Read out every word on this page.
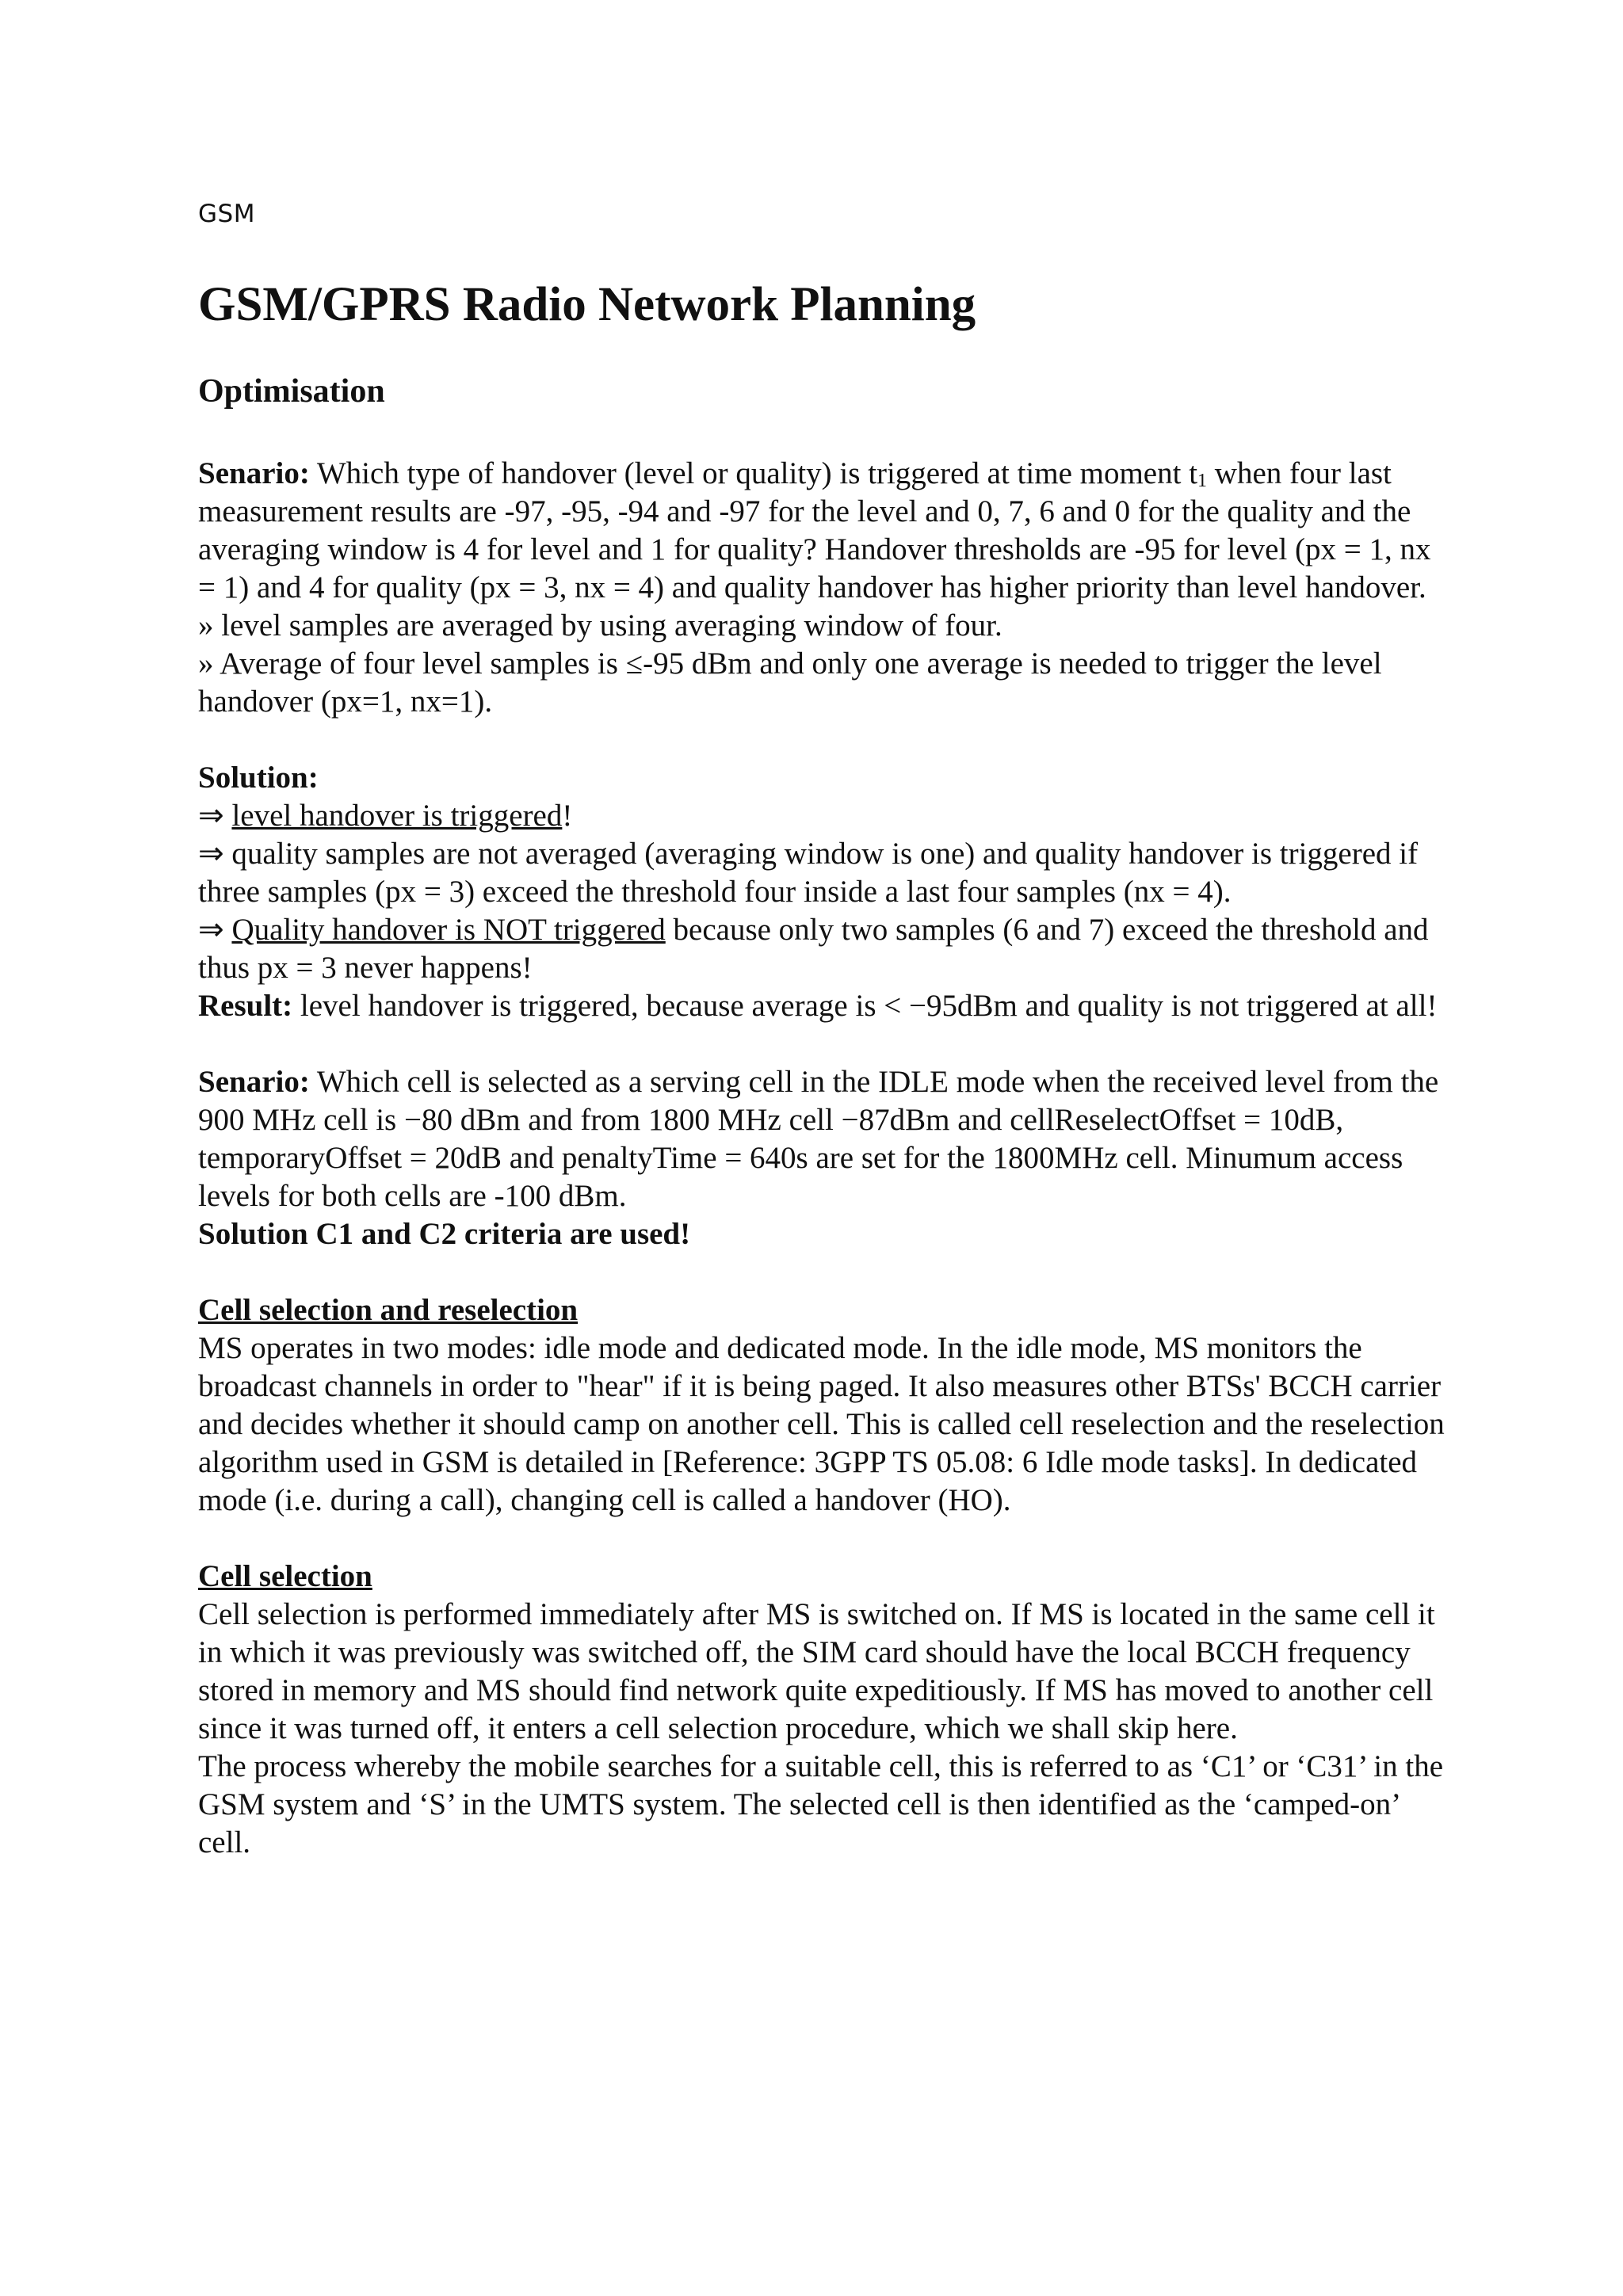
GSM
GSM/GPRS Radio Network Planning
Optimisation

Senario: Which type of handover (level or quality) is triggered at time moment $t_1$ when four last measurement results are -97, -95, -94 and -97 for the level and 0, 7, 6 and 0 for the quality and the averaging window is 4 for level and 1 for quality? Handover thresholds are -95 for level (px = 1, nx = 1) and 4 for quality (px = 3, nx = 4) and quality handover has higher priority than level handover.

» level samples are averaged by using averaging window of four.

» Average of four level samples is ≤-95 dBm and only one average is needed to trigger the level handover (px=1, nx=1).

Solution:

⇒ level handover is triggered!

⇒ quality samples are not averaged (averaging window is one) and quality handover is triggered if three samples (px = 3) exceed the threshold four inside a last four samples (nx = 4).

⇒ Quality handover is NOT triggered because only two samples (6 and 7) exceed the threshold and thus px = 3 never happens!

Result: level handover is triggered, because average is < −95dBm and quality is not triggered at all!

Senario: Which cell is selected as a serving cell in the IDLE mode when the received level from the 900 MHz cell is −80 dBm and from 1800 MHz cell −87dBm and cellReselectOffset = 10dB, temporaryOffset = 20dB and penaltyTime = 640s are set for the 1800MHz cell. Minumum access levels for both cells are -100 dBm.

Solution C1 and C2 criteria are used!

Cell selection and reselection

MS operates in two modes: idle mode and dedicated mode. In the idle mode, MS monitors the broadcast channels in order to "hear" if it is being paged. It also measures other BTSs' BCCH carrier and decides whether it should camp on another cell. This is called cell reselection and the reselection algorithm used in GSM is detailed in [Reference: 3GPP TS 05.08: 6 Idle mode tasks]. In dedicated mode (i.e. during a call), changing cell is called a handover (HO).

Cell selection

Cell selection is performed immediately after MS is switched on. If MS is located in the same cell it in which it was previously was switched off, the SIM card should have the local BCCH frequency stored in memory and MS should find network quite expeditiously. If MS has moved to another cell since it was turned off, it enters a cell selection procedure, which we shall skip here.

The process whereby the mobile searches for a suitable cell, this is referred to as ‘C1’ or ‘C31’ in the GSM system and ‘S’ in the UMTS system. The selected cell is then identified as the ‘camped-on’ cell.
